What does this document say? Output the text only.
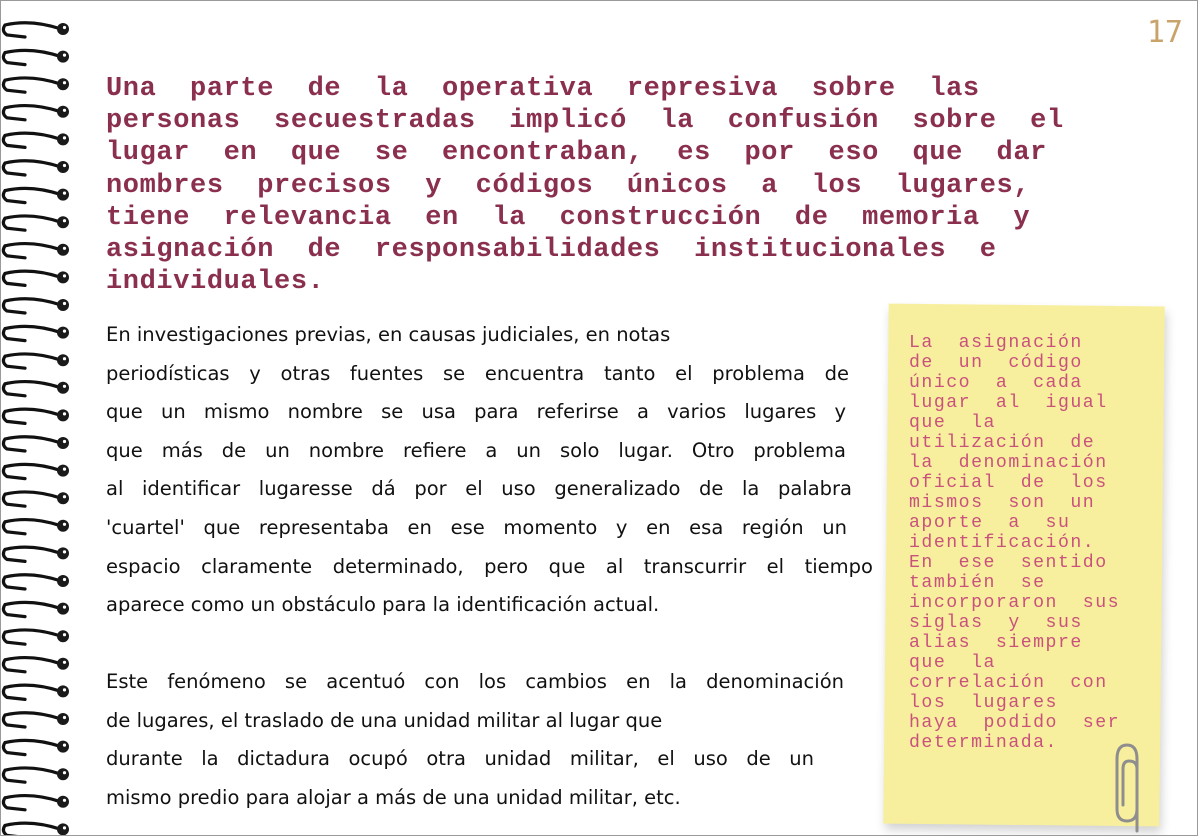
17
Una  parte  de  la  operativa  represiva  sobre  las
personas  secuestradas  implicó  la  confusión  sobre  el
lugar  en  que  se  encontraban,  es  por  eso  que  dar
nombres  precisos  y  códigos  únicos  a  los  lugares,
tiene  relevancia  en  la  construcción  de  memoria  y
asignación  de  responsabilidades  institucionales  e
individuales.
En investigaciones previas, en causas judiciales, en notas
periodísticas y otras fuentes se encuentra tanto el problema de
que un mismo nombre se usa para referirse a varios lugares y
que más de un nombre refiere a un solo lugar. Otro problema
al identificar lugaresse dá por el uso generalizado de la palabra
'cuartel' que representaba en ese momento y en esa región un
espacio claramente determinado, pero que al transcurrir el tiempo
aparece como un obstáculo para la identificación actual.
Este fenómeno se acentuó con los cambios en la denominación
de lugares, el traslado de una unidad militar al lugar que
durante la dictadura ocupó otra unidad militar, el uso de un
mismo predio para alojar a más de una unidad militar, etc.
La  asignación
de  un  código
único  a  cada
lugar  al  igual
que  la
utilización  de
la  denominación
oficial  de  los
mismos  son  un
aporte  a  su
identificación.
En  ese  sentido
también  se
incorporaron  sus
siglas  y  sus
alias  siempre
que  la
correlación  con
los  lugares
haya  podido  ser
determinada.
